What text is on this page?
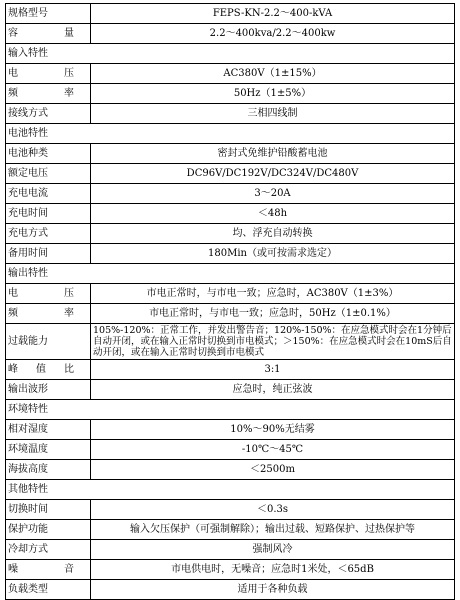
规格型号	FEPS-KN-2.2～400-kVA

容 量	2.2～400kva/2.2～400kw
输入特性	

电 压	AC380V（1±15%）

频 率	50Hz（1±5%）
接线方式	三相四线制
电池特性	
电池种类	密封式免维护铅酸蓄电池
额定电压	DC96V/DC192V/DC324V/DC480V
充电电流	3～20A
充电时间	＜48h
充电方式	均、浮充自动转换
备用时间	180Min（或可按需求选定）
输出特性	

电 压	市电正常时，与市电一致；应急时，AC380V（1±3%）

频 率	市电正常时，与市电一致；应急时，50Hz（1±0.1%）
过载能力	105%-120%：正常工作，并发出警告音；120%-150%：在应急模式时会在1分钟后自动开闭，或在输入正常时切换到市电模式；＞150%：在应急模式时会在10mS后自动开闭，或在输入正常时切换到市电模式

峰 值 比	3:1
输出波形	应急时，纯正弦波
环境特性	
相对湿度	10%～90%无结雾
环境温度	-10℃～45℃
海拔高度	＜2500m
其他特性	
切换时间	＜0.3s
保护功能	输入欠压保护（可强制解除）；输出过载、短路保护、过热保护等
冷却方式	强制风冷

噪 音	市电供电时，无噪音；应急时1米处，＜65dB
负载类型	适用于各种负载
